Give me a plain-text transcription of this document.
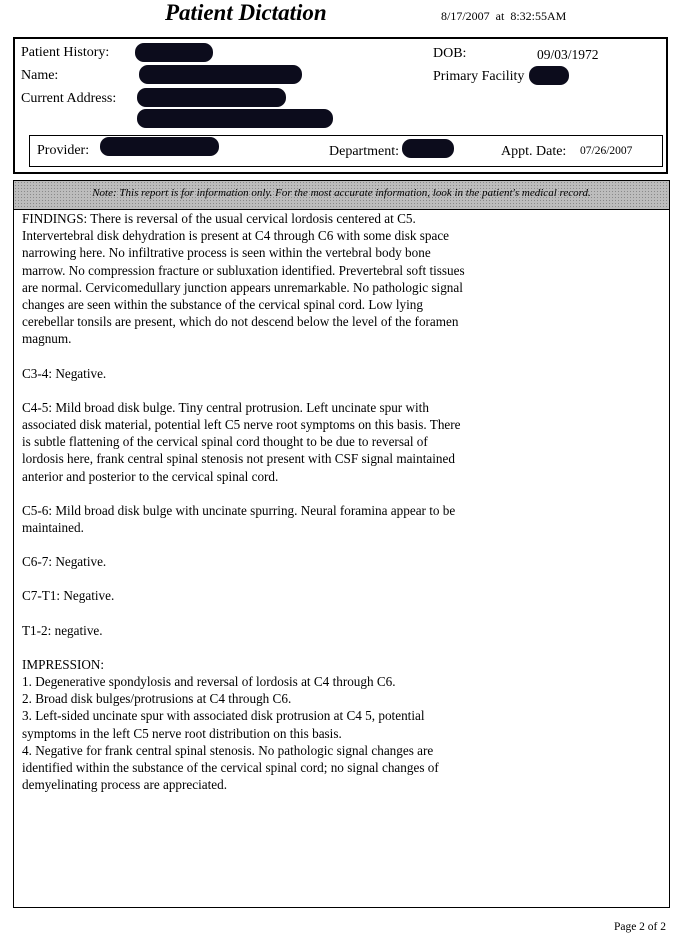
Patient Dictation	8/17/2007 at 8:32:55AM
Patient History:
Name:
Current Address:
DOB:	09/03/1972
Primary Facility
Provider:	Department:	Appt. Date: 07/26/2007
Note: This report is for information only. For the most accurate information, look in the patient's medical record.

FINDINGS: There is reversal of the usual cervical lordosis centered at C5. Intervertebral disk dehydration is present at C4 through C6 with some disk space narrowing here. No infiltrative process is seen within the vertebral body bone marrow. No compression fracture or subluxation identified. Prevertebral soft tissues are normal. Cervicomedullary junction appears unremarkable. No pathologic signal changes are seen within the substance of the cervical spinal cord. Low lying cerebellar tonsils are present, which do not descend below the level of the foramen magnum.

C3-4: Negative.

C4-5: Mild broad disk bulge. Tiny central protrusion. Left uncinate spur with associated disk material, potential left C5 nerve root symptoms on this basis. There is subtle flattening of the cervical spinal cord thought to be due to reversal of lordosis here, frank central spinal stenosis not present with CSF signal maintained anterior and posterior to the cervical spinal cord.

C5-6: Mild broad disk bulge with uncinate spurring. Neural foramina appear to be maintained.

C6-7: Negative.

C7-T1: Negative.

T1-2: negative.

IMPRESSION:
1. Degenerative spondylosis and reversal of lordosis at C4 through C6.
2. Broad disk bulges/protrusions at C4 through C6.
3. Left-sided uncinate spur with associated disk protrusion at C4 5, potential symptoms in the left C5 nerve root distribution on this basis.
4. Negative for frank central spinal stenosis. No pathologic signal changes are identified within the substance of the cervical spinal cord; no signal changes of demyelinating process are appreciated.
Page 2 of 2
